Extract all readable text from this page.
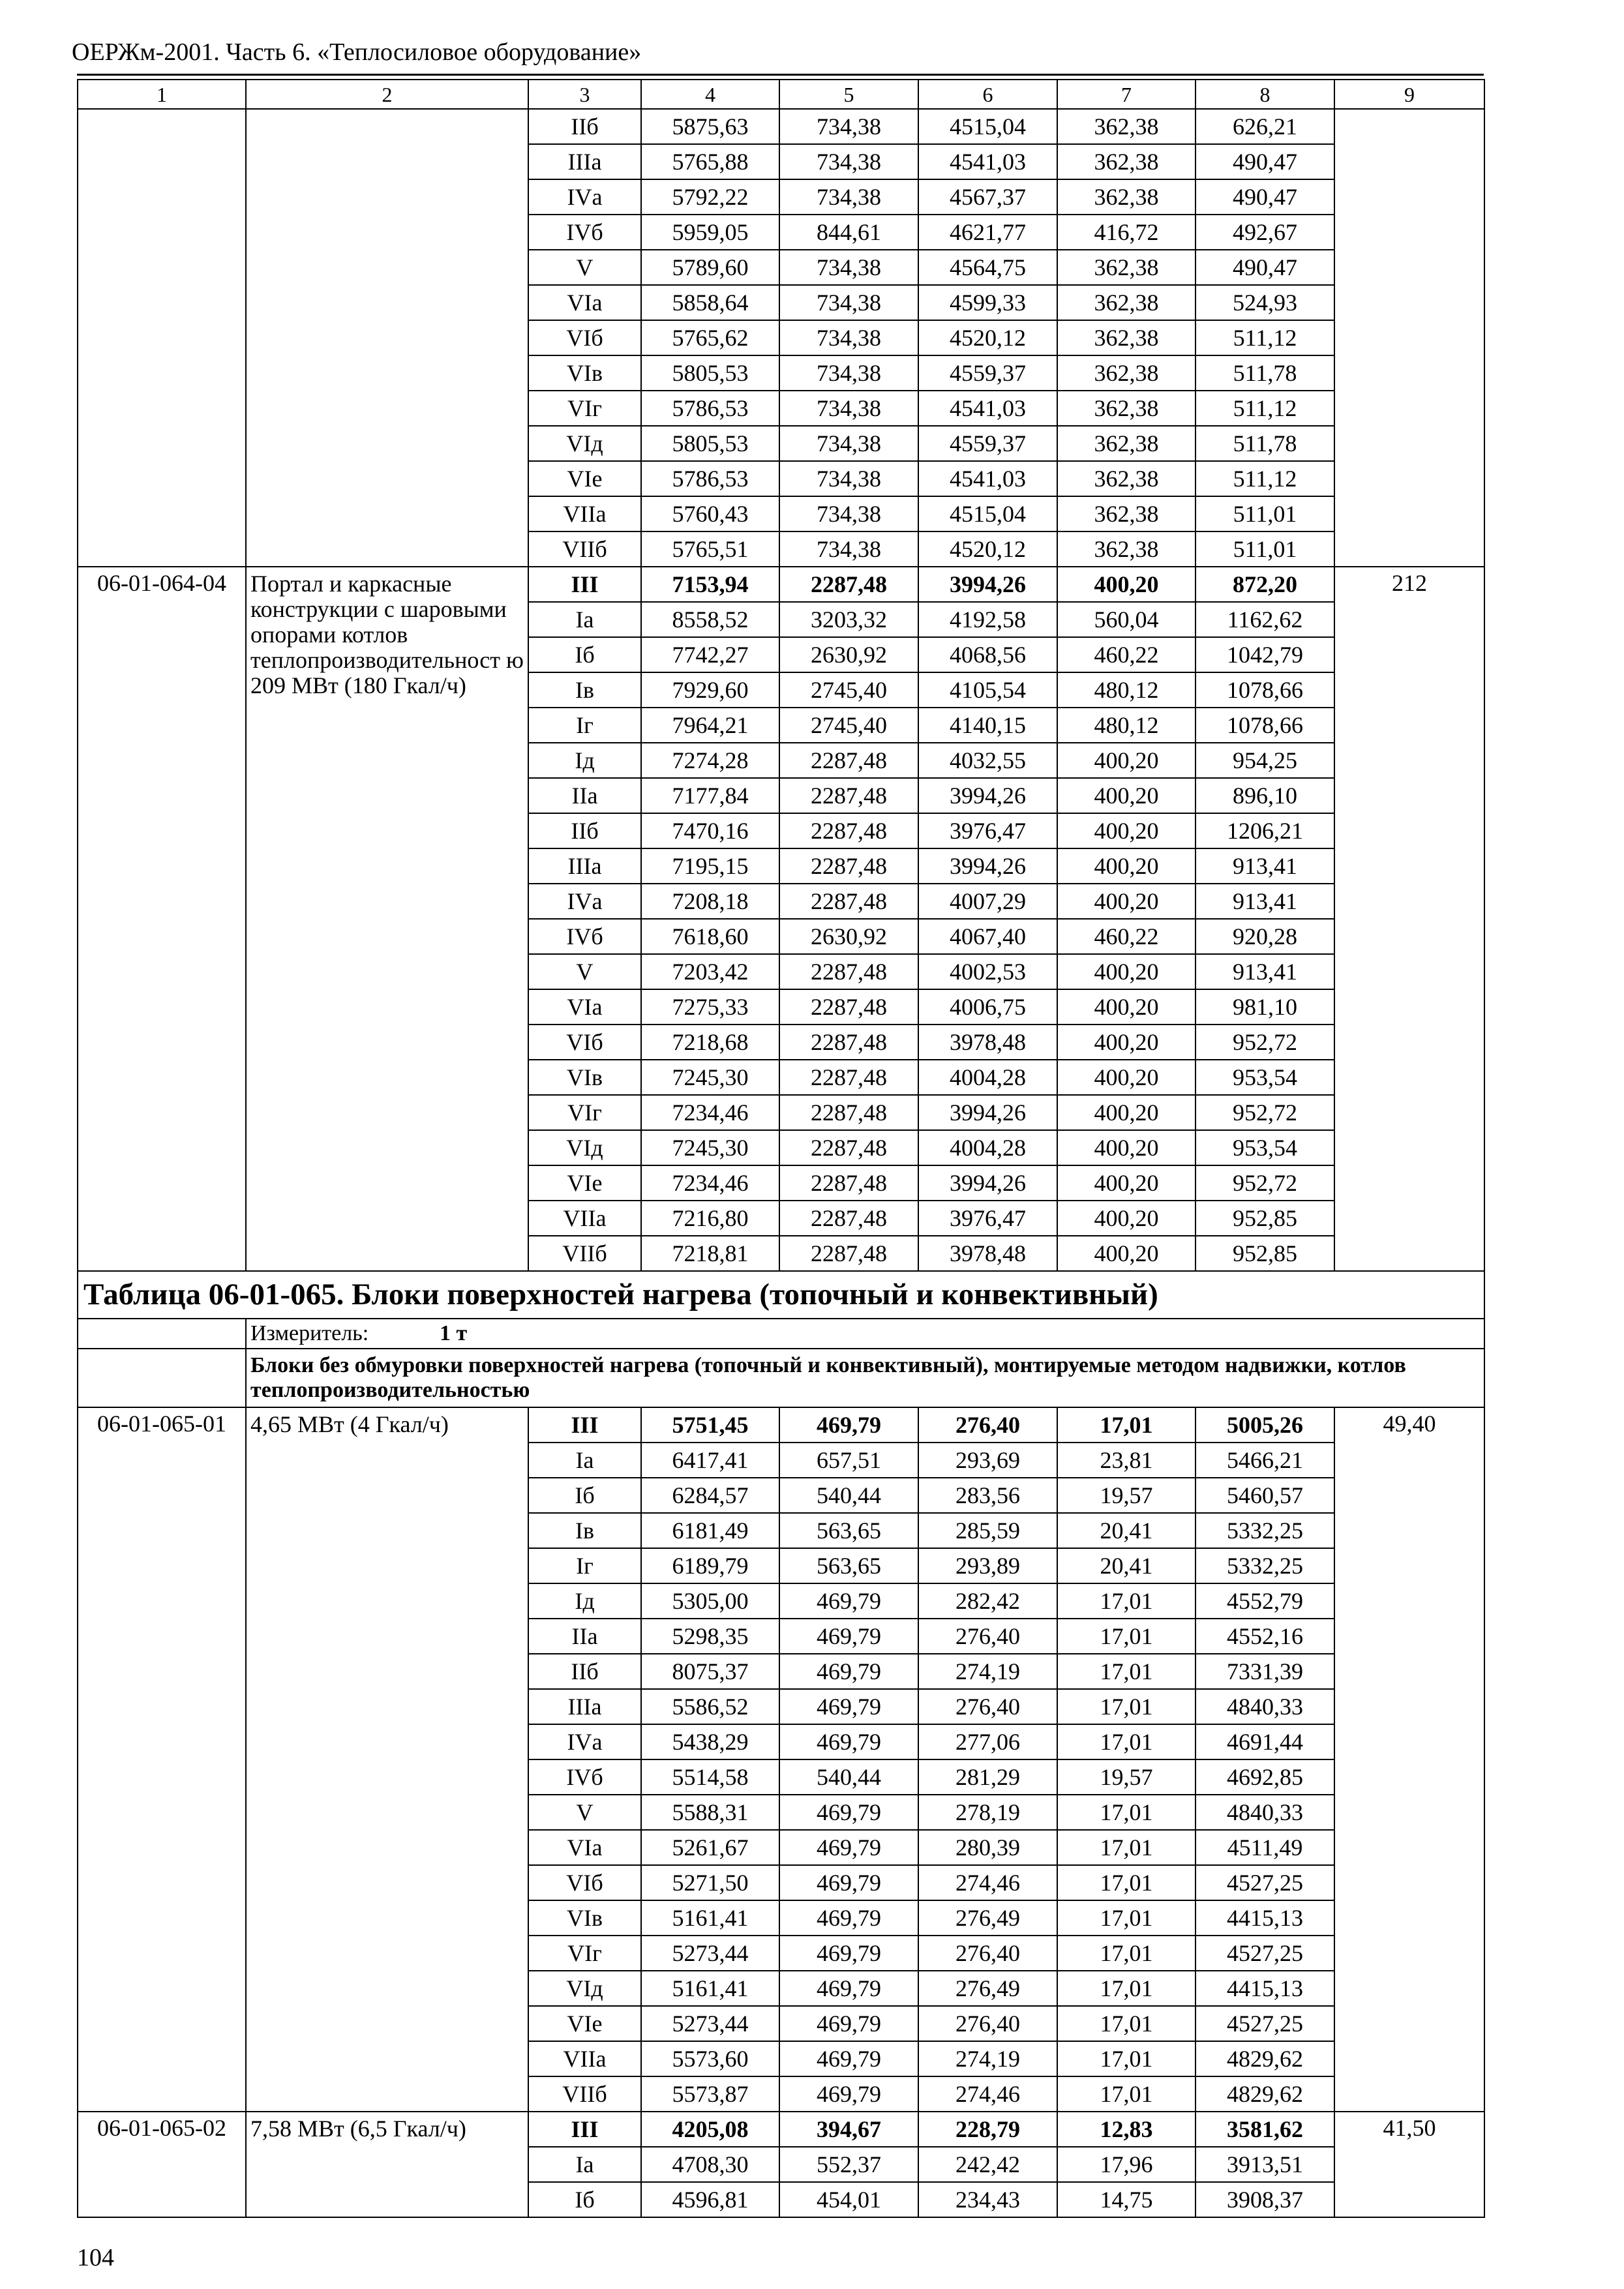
ОЕРЖм-2001. Часть 6. «Теплосиловое оборудование»
1	2	3	4	5	6	7	8	9
		IIб	5875,63	734,38	4515,04	362,38	626,21	
		IIIа	5765,88	734,38	4541,03	362,38	490,47	
		IVа	5792,22	734,38	4567,37	362,38	490,47	
		IVб	5959,05	844,61	4621,77	416,72	492,67	
		V	5789,60	734,38	4564,75	362,38	490,47	
		VIа	5858,64	734,38	4599,33	362,38	524,93	
		VIб	5765,62	734,38	4520,12	362,38	511,12	
		VIв	5805,53	734,38	4559,37	362,38	511,78	
		VIг	5786,53	734,38	4541,03	362,38	511,12	
		VIд	5805,53	734,38	4559,37	362,38	511,78	
		VIе	5786,53	734,38	4541,03	362,38	511,12	
		VIIа	5760,43	734,38	4515,04	362,38	511,01	
		VIIб	5765,51	734,38	4520,12	362,38	511,01	
06-01-064-04	Портал и каркасные конструкции с шаровыми опорами котлов теплопроизводительност ю 209 МВт (180 Гкал/ч)	III	7153,94	2287,48	3994,26	400,20	872,20	212
		Iа	8558,52	3203,32	4192,58	560,04	1162,62	
		Iб	7742,27	2630,92	4068,56	460,22	1042,79	
		Iв	7929,60	2745,40	4105,54	480,12	1078,66	
		Iг	7964,21	2745,40	4140,15	480,12	1078,66	
		Iд	7274,28	2287,48	4032,55	400,20	954,25	
		IIа	7177,84	2287,48	3994,26	400,20	896,10	
		IIб	7470,16	2287,48	3976,47	400,20	1206,21	
		IIIа	7195,15	2287,48	3994,26	400,20	913,41	
		IVа	7208,18	2287,48	4007,29	400,20	913,41	
		IVб	7618,60	2630,92	4067,40	460,22	920,28	
		V	7203,42	2287,48	4002,53	400,20	913,41	
		VIа	7275,33	2287,48	4006,75	400,20	981,10	
		VIб	7218,68	2287,48	3978,48	400,20	952,72	
		VIв	7245,30	2287,48	4004,28	400,20	953,54	
		VIг	7234,46	2287,48	3994,26	400,20	952,72	
		VIд	7245,30	2287,48	4004,28	400,20	953,54	
		VIе	7234,46	2287,48	3994,26	400,20	952,72	
		VIIа	7216,80	2287,48	3976,47	400,20	952,85	
		VIIб	7218,81	2287,48	3978,48	400,20	952,85	
Таблица 06-01-065. Блоки поверхностей нагрева (топочный и конвективный)								
	Измеритель: 1 т							
	Блоки без обмуровки поверхностей нагрева (топочный и конвективный), монтируемые методом надвижки, котлов теплопроизводительностью							
06-01-065-01	4,65 МВт (4 Гкал/ч)	III	5751,45	469,79	276,40	17,01	5005,26	49,40
		Iа	6417,41	657,51	293,69	23,81	5466,21	
		Iб	6284,57	540,44	283,56	19,57	5460,57	
		Iв	6181,49	563,65	285,59	20,41	5332,25	
		Iг	6189,79	563,65	293,89	20,41	5332,25	
		Iд	5305,00	469,79	282,42	17,01	4552,79	
		IIа	5298,35	469,79	276,40	17,01	4552,16	
		IIб	8075,37	469,79	274,19	17,01	7331,39	
		IIIа	5586,52	469,79	276,40	17,01	4840,33	
		IVа	5438,29	469,79	277,06	17,01	4691,44	
		IVб	5514,58	540,44	281,29	19,57	4692,85	
		V	5588,31	469,79	278,19	17,01	4840,33	
		VIа	5261,67	469,79	280,39	17,01	4511,49	
		VIб	5271,50	469,79	274,46	17,01	4527,25	
		VIв	5161,41	469,79	276,49	17,01	4415,13	
		VIг	5273,44	469,79	276,40	17,01	4527,25	
		VIд	5161,41	469,79	276,49	17,01	4415,13	
		VIе	5273,44	469,79	276,40	17,01	4527,25	
		VIIа	5573,60	469,79	274,19	17,01	4829,62	
		VIIб	5573,87	469,79	274,46	17,01	4829,62	
06-01-065-02	7,58 МВт (6,5 Гкал/ч)	III	4205,08	394,67	228,79	12,83	3581,62	41,50
		Iа	4708,30	552,37	242,42	17,96	3913,51	
		Iб	4596,81	454,01	234,43	14,75	3908,37	
104
